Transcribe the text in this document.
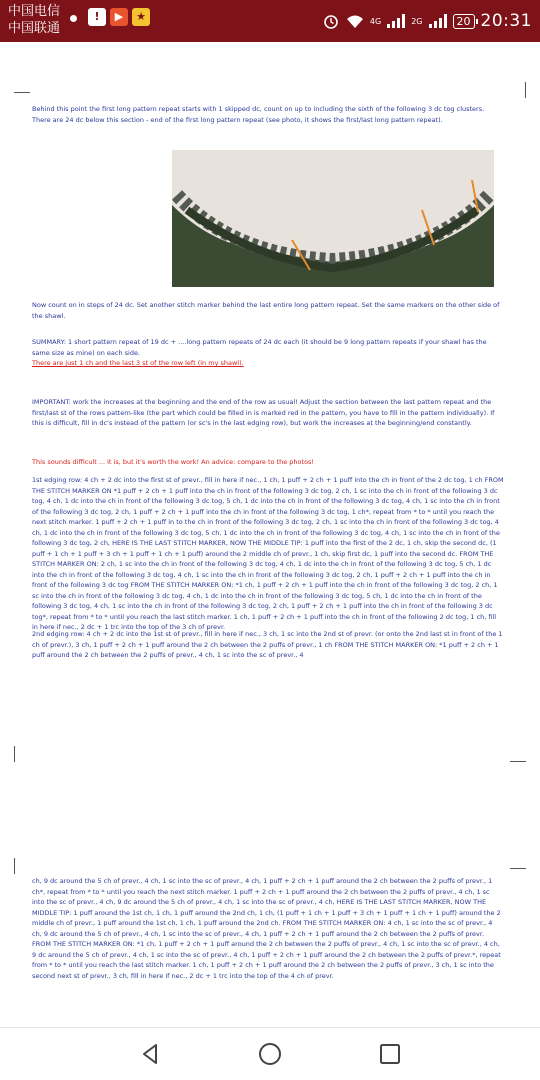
中国电信
中国联通
!	▶	★	4G	2G	20 20:31
Behind this point the first long pattern repeat starts with 1 skipped dc, count on up to including the sixth of the following 3 dc tog clusters. There are 24 dc below this section - end of the first long pattern repeat (see photo, it shows the first/last long pattern repeat).
Now count on in steps of 24 dc. Set another stitch marker behind the last entire long pattern repeat. Set the same markers on the other side of the shawl.
SUMMARY: 1 short pattern repeat of 19 dc + ....long pattern repeats of 24 dc each (it should be 9 long pattern repeats if your shawl has the same size as mine) on each side.
There are just 1 ch and the last 3 st of the row left (in my shawl).
IMPORTANT: work the increases at the beginning and the end of the row as usual! Adjust the section between the last pattern repeat and the first/last st of the rows pattern-like (the part which could be filled in is marked red in the pattern, you have to fill in the pattern individually). If this is difficult, fill in dc's instead of the pattern (or sc's in the last edging row), but work the increases at the beginning/end constantly.
This sounds difficult ... it is, but it's worth the work! An advice: compare to the photos!
1st edging row: 4 ch + 2 dc into the first st of prevr., fill in here if nec., 1 ch, 1 puff + 2 ch + 1 puff into the ch in front of the 2 dc tog, 1 ch FROM THE STITCH MARKER ON *1 puff + 2 ch + 1 puff into the ch in front of the following 3 dc tog, 2 ch, 1 sc into the ch in front of the following 3 dc tog, 4 ch, 1 dc into the ch in front of the following 3 dc tog, 5 ch, 1 dc into the ch in front of the following 3 dc tog, 4 ch, 1 sc into the ch in front of the following 3 dc tog, 2 ch, 1 puff + 2 ch + 1 puff into the ch in front of the following 3 dc tog, 1 ch*, repeat from * to * until you reach the next stitch marker. 1 puff + 2 ch + 1 puff in to the ch in front of the following 3 dc tog, 2 ch, 1 sc into the ch in front of the following 3 dc tog, 4 ch, 1 dc into the ch in front of the following 3 dc tog, 5 ch, 1 dc into the ch in front of the following 3 dc tog, 4 ch, 1 sc into the ch in front of the following 3 dc tog, 2 ch, HERE IS THE LAST STITCH MARKER, NOW THE MIDDLE TIP: 1 puff into the first of the 2 dc, 1 ch, skip the second dc, (1 puff + 1 ch + 1 puff + 3 ch + 1 puff + 1 ch + 1 puff) around the 2 middle ch of prevr., 1 ch, skip first dc, 1 puff into the second dc. FROM THE STITCH MARKER ON: 2 ch, 1 sc into the ch in front of the following 3 dc tog, 4 ch, 1 dc into the ch in front of the following 3 dc tog, 5 ch, 1 dc into the ch in front of the following 3 dc tog, 4 ch, 1 sc into the ch in front of the following 3 dc tog, 2 ch, 1 puff + 2 ch + 1 puff into the ch in front of the following 3 dc tog FROM THE STITCH MARKER ON: *1 ch, 1 puff + 2 ch + 1 puff into the ch in front of the following 3 dc tog, 2 ch, 1 sc into the ch in front of the following 3 dc tog, 4 ch, 1 dc into the ch in front of the following 3 dc tog, 5 ch, 1 dc into the ch in front of the following 3 dc tog, 4 ch, 1 sc into the ch in front of the following 3 dc tog, 2 ch, 1 puff + 2 ch + 1 puff into the ch in front of the following 3 dc tog*, repeat from * to * until you reach the last stitch marker. 1 ch, 1 puff + 2 ch + 1 puff into the ch in front of the following 2 dc tog, 1 ch, fill in here if nec., 2 dc + 1 trc into the top of the 3 ch of prevr.
2nd edging row: 4 ch + 2 dc into the 1st st of prevr., fill in here if nec., 3 ch, 1 sc into the 2nd st of prevr. (or onto the 2nd last st in front of the 1 ch of prevr.), 3 ch, 1 puff + 2 ch + 1 puff around the 2 ch between the 2 puffs of prevr., 1 ch FROM THE STITCH MARKER ON: *1 puff + 2 ch + 1 puff around the 2 ch between the 2 puffs of prevr., 4 ch, 1 sc into the sc of prevr., 4
ch, 9 dc around the 5 ch of prevr., 4 ch, 1 sc into the sc of prevr., 4 ch, 1 puff + 2 ch + 1 puff around the 2 ch between the 2 puffs of prevr., 1 ch*, repeat from * to * until you reach the next stitch marker. 1 puff + 2 ch + 1 puff around the 2 ch between the 2 puffs of prevr., 4 ch, 1 sc into the sc of prevr., 4 ch, 9 dc around the 5 ch of prevr., 4 ch, 1 sc into the sc of prevr., 4 ch, HERE IS THE LAST STITCH MARKER, NOW THE MIDDLE TIP: 1 puff around the 1st ch, 1 ch, 1 puff around the 2nd ch, 1 ch, (1 puff + 1 ch + 1 puff + 3 ch + 1 puff + 1 ch + 1 puff) around the 2 middle ch of prevr., 1 puff around the 1st ch, 1 ch, 1 puff around the 2nd ch. FROM THE STITCH MARKER ON: 4 ch, 1 sc into the sc of prevr., 4 ch, 9 dc around the 5 ch of prevr., 4 ch, 1 sc into the sc of prevr., 4 ch, 1 puff + 2 ch + 1 puff around the 2 ch between the 2 puffs of prevr. FROM THE STITCH MARKER ON: *1 ch, 1 puff + 2 ch + 1 puff around the 2 ch between the 2 puffs of prevr., 4 ch, 1 sc into the sc of prevr., 4 ch, 9 dc around the 5 ch of prevr., 4 ch, 1 sc into the sc of prevr., 4 ch, 1 puff + 2 ch + 1 puff around the 2 ch between the 2 puffs of prevr.*, repeat from * to * until you reach the last stitch marker. 1 ch, 1 puff + 2 ch + 1 puff around the 2 ch between the 2 puffs of prevr., 3 ch, 1 sc into the second next st of prevr., 3 ch, fill in here if nec., 2 dc + 1 trc into the top of the 4 ch of prevr.
